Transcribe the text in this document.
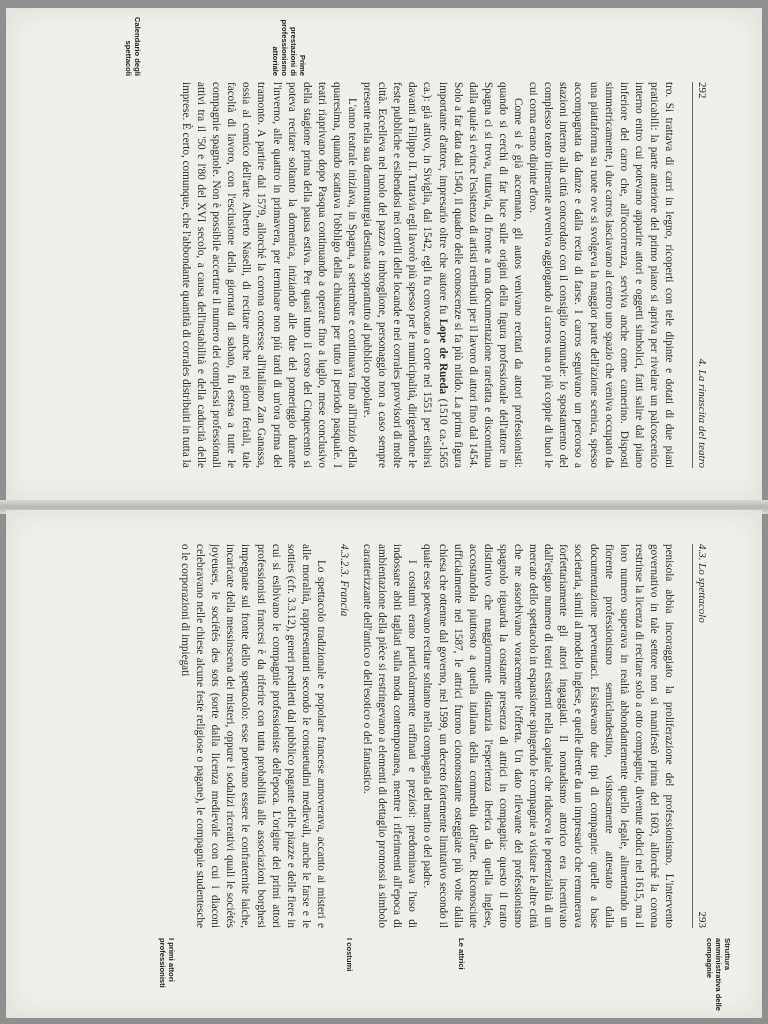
292
4. La rinascita del teatro
Prime prestazioni di professionismo attoriale
Calendario degli spettacoli

tro. Si trattava di carri in legno, ricoperti con tele dipinte e dotati di due piani praticabili: la parte anteriore del primo piano si apriva per rivelare un palcoscenico interno entro cui potevano apparire attori e oggetti simbolici, fatti salire dal piano inferiore del carro che, all'occorrenza, serviva anche come camerino. Disposti simmetricamente, i due carros lasciavano al centro uno spazio che veniva occupato da una piattaforma su ruote ove si svolgeva la maggior parte dell'azione scenica, spesso accompagnata da danze e dalla recita di farse. I carros seguivano un percorso a stazioni interno alla città concordato con il consiglio comunale: lo spostamento del complesso teatro itinerante avveniva aggiogando ai carros una o più coppie di buoi le cui corna erano dipinte d'oro.

Come si è già accennato, gli autos venivano recitati da attori professionisti: quando si cerchi di far luce sulle origini della figura professionale dell'attore in Spagna ci si trova, tuttavia, di fronte a una documentazione rarefatta e discontinua dalla quale si evince l'esistenza di artisti retribuiti per il lavoro di attori fino dal 1454. Solo a far data dal 1540, il quadro delle conoscenze si fa più nitido. La prima figura importante d'attore, impresario oltre che autore fu Lope de Rueda (1510 ca.-1565 ca.): già attivo, in Siviglia, dal 1542, egli fu convocato a corte nel 1551 per esibirsi davanti a Filippo II. Tuttavia egli lavorò più spesso per le municipalità, dirigendone le feste pubbliche e esibendosi nei cortili delle locande e nei corrales provvisori di molte città. Eccelleva nel ruolo del pazzo e imbroglione, personaggio non a caso sempre presente nella sua drammaturgia destinata soprattutto al pubblico popolare.

L'anno teatrale iniziava, in Spagna, a settembre e continuava fino all'inizio della quaresima, quando scattava l'obbligo della chiusura per tutto il periodo pasquale. I teatri riaprivano dopo Pasqua continuando a operare fino a luglio, mese conclusivo della stagione prima della pausa estiva. Per quasi tutto il corso del Cinquecento si poteva recitare soltanto la domenica, iniziando alle due del pomeriggio durante l'inverno, alle quattro in primavera, per terminare non più tardi di un'ora prima del tramonto. A partire dal 1579, allorché la corona concesse all'italiano Zan Ganassa, ossia al comico dell'arte Alberto Naselli, di recitare anche nei giorni feriali, tale facoltà di lavoro, con l'esclusione della giornata di sabato, fu estesa a tutte le compagnie spagnole. Non è possibile accertare il numero dei complessi professionali attivi tra il '50 e l'80 del XVI secolo, a causa dell'instabilità e della caducità delle imprese. È certo, comunque, che l'abbondante quantità di corrales distribuiti in tutta la

4.3. Lo spettacolo
293
Struttura amministrativa delle compagnie
Le attrici
I costumi
I primi attori professionisti

penisola abbia incoraggiato la proliferazione del professionismo. L'intervento governativo in tale settore non si manifestò prima del 1603, allorché la corona restrinse la licenza di recitare solo a otto compagnie, divenute dodici nel 1615, ma il loro numero superava in realtà abbondantemente quello legale, alimentando un fiorente professionismo semiclandestino, vistosamente attestato dalla documentazione pervenutaci. Esistevano due tipi di compagnie: quelle a base societaria, simili al modello inglese, e quelle dirette da un impresario che remunerava forfettariamente gli attori ingaggiati. Il nomadismo attorico era incentivato dall'esiguo numero di teatri esistenti nella capitale che riduceva le potenzialità di un mercato dello spettacolo in espansione spingendo le compagnie a visitare le altre città che ne assorbivano voracemente l'offerta. Un dato rilevante del professionismo spagnolo riguarda la costante presenza di attrici in compagnia: questo il tratto distintivo che maggiormente distanzia l'esperienza iberica da quella inglese, accostandola piuttosto a quella italiana della commedia dell'arte. Riconosciute ufficialmente nel 1587, le attrici furono ciononostante osteggiate più volte dalla chiesa che ottenne dal governo, nel 1599, un decreto fortemente limitativo secondo il quale esse potevano recitare soltanto nella compagnia del marito o del padre.

I costumi erano particolarmente raffinati e preziosi: predominava l'uso di indossare abiti tagliati sulla moda contemporanea, mentre i riferimenti all'epoca di ambientazione della pièce si restringevano a elementi di dettaglio promossi a simbolo caratterizzante dell'antico o dell'esotico o del fantastico.

4.3.2.3. Francia

Lo spettacolo tradizionale e popolare francese annoverava, accanto ai misteri e alle moralità, rappresentanti secondo le consuetudini medievali, anche le farse e le sotties (cfr. 3.3.12), generi prediletti dal pubblico pagante delle piazze e delle fiere in cui si esibivano le compagnie professioniste dell'epoca. L'origine dei primi attori professionisti francesi è da riferire con tutta probabilità alle associazioni borghesi impegnate sul fronte dello spettacolo: esse potevano essere le confraternite laiche, incaricate della messinscena dei misteri, oppure i sodalizi ricreativi quali le sociétés joyeuses, le sociétés des sots (sorte dalla licenza medievale con cui i diaconi celebravano nelle chiese alcune feste religiose o pagane), le compagnie studentesche o le corporazioni di impiegati
